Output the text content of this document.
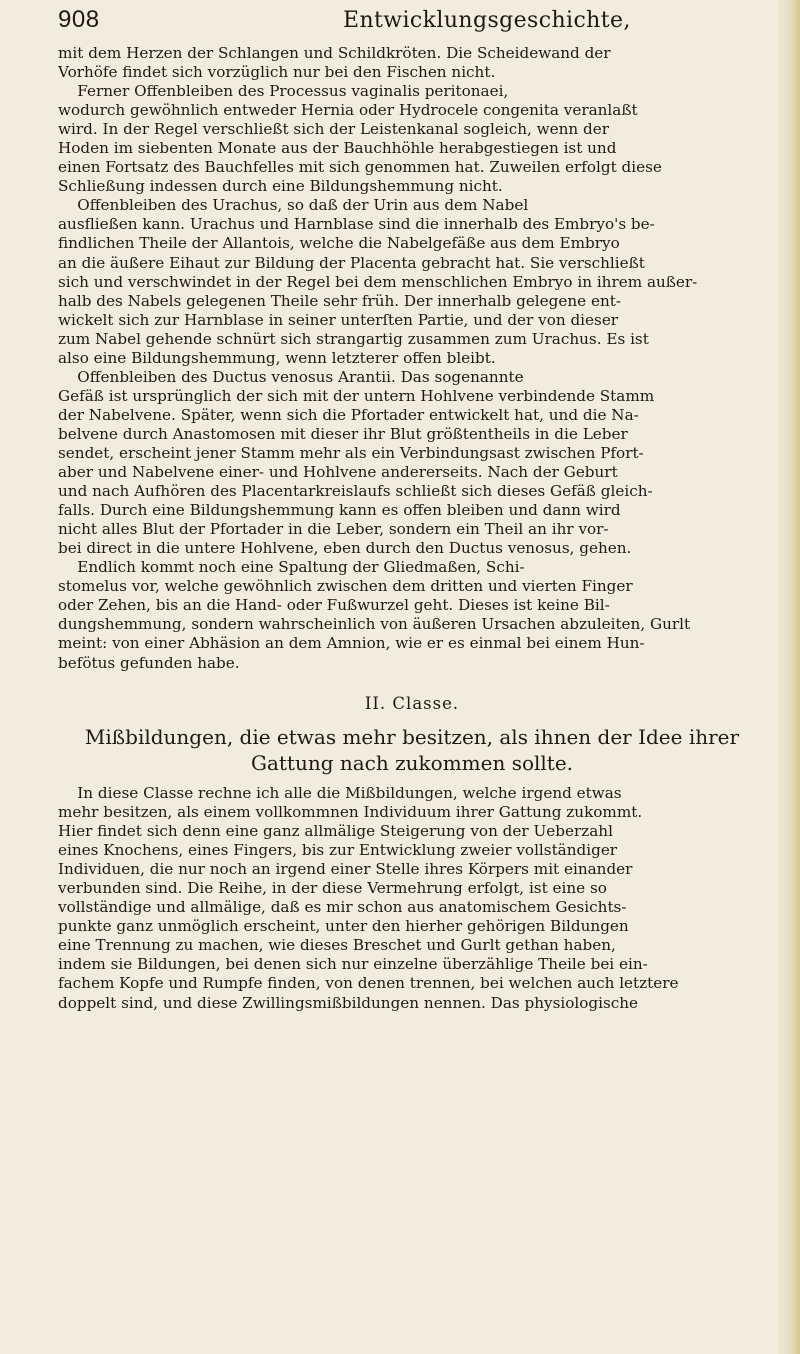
908	Entwicklungsgeschichte,

mit dem Herzen der Schlangen und Schildkröten. Die Scheidewand der

Vorhöfe findet sich vorzüglich nur bei den Fischen nicht.

Ferner Offenbleiben des Processus vaginalis peritonaei,

wodurch gewöhnlich entweder Hernia oder Hydrocele congenita veranlaßt

wird. In der Regel verschließt sich der Leistenkanal sogleich, wenn der

Hoden im siebenten Monate aus der Bauchhöhle herabgestiegen ist und

einen Fortsatz des Bauchfelles mit sich genommen hat. Zuweilen erfolgt diese

Schließung indessen durch eine Bildungshemmung nicht.

Offenbleiben des Urachus, so daß der Urin aus dem Nabel

ausfließen kann. Urachus und Harnblase sind die innerhalb des Embryo's be-

findlichen Theile der Allantois, welche die Nabelgefäße aus dem Embryo

an die äußere Eihaut zur Bildung der Placenta gebracht hat. Sie verschließt

sich und verschwindet in der Regel bei dem menschlichen Embryo in ihrem außer-

halb des Nabels gelegenen Theile sehr früh. Der innerhalb gelegene ent-

wickelt sich zur Harnblase in seiner unterſten Partie, und der von dieser

zum Nabel gehende schnürt sich strangartig zusammen zum Urachus. Es ist

also eine Bildungshemmung, wenn letzterer offen bleibt.

Offenbleiben des Ductus venosus Arantii. Das sogenannte

Gefäß ist ursprünglich der sich mit der untern Hohlvene verbindende Stamm

der Nabelvene. Später, wenn sich die Pfortader entwickelt hat, und die Na-

belvene durch Anastomosen mit dieser ihr Blut größtentheils in die Leber

sendet, erscheint jener Stamm mehr als ein Verbindungsast zwischen Pfort-

aber und Nabelvene einer- und Hohlvene andererseits. Nach der Geburt

und nach Aufhören des Placentarkreislaufs schließt sich dieses Gefäß gleich-

falls. Durch eine Bildungshemmung kann es offen bleiben und dann wird

nicht alles Blut der Pfortader in die Leber, sondern ein Theil an ihr vor-

bei direct in die untere Hohlvene, eben durch den Ductus venosus, gehen.

Endlich kommt noch eine Spaltung der Gliedmaßen, Schi-

stomelus vor, welche gewöhnlich zwischen dem dritten und vierten Finger

oder Zehen, bis an die Hand- oder Fußwurzel geht. Dieses ist keine Bil-

dungshemmung, sondern wahrscheinlich von äußeren Ursachen abzuleiten, Gurlt

meint: von einer Abhäsion an dem Amnion, wie er es einmal bei einem Hun-

befötus gefunden habe.

II. Classe.

Mißbildungen, die etwas mehr besitzen, als ihnen der Idee ihrer

Gattung nach zukommen sollte.

In diese Classe rechne ich alle die Mißbildungen, welche irgend etwas

mehr besitzen, als einem vollkommnen Individuum ihrer Gattung zukommt.

Hier findet sich denn eine ganz allmälige Steigerung von der Ueberzahl

eines Knochens, eines Fingers, bis zur Entwicklung zweier vollständiger

Individuen, die nur noch an irgend einer Stelle ihres Körpers mit einander

verbunden sind. Die Reihe, in der diese Vermehrung erfolgt, ist eine so

vollständige und allmälige, daß es mir schon aus anatomischem Gesichts-

punkte ganz unmöglich erscheint, unter den hierher gehörigen Bildungen

eine Trennung zu machen, wie dieses Breschet und Gurlt gethan haben,

indem sie Bildungen, bei denen sich nur einzelne überzählige Theile bei ein-

fachem Kopfe und Rumpfe finden, von denen trennen, bei welchen auch letztere

doppelt sind, und diese Zwillingsmißbildungen nennen. Das physiologische
